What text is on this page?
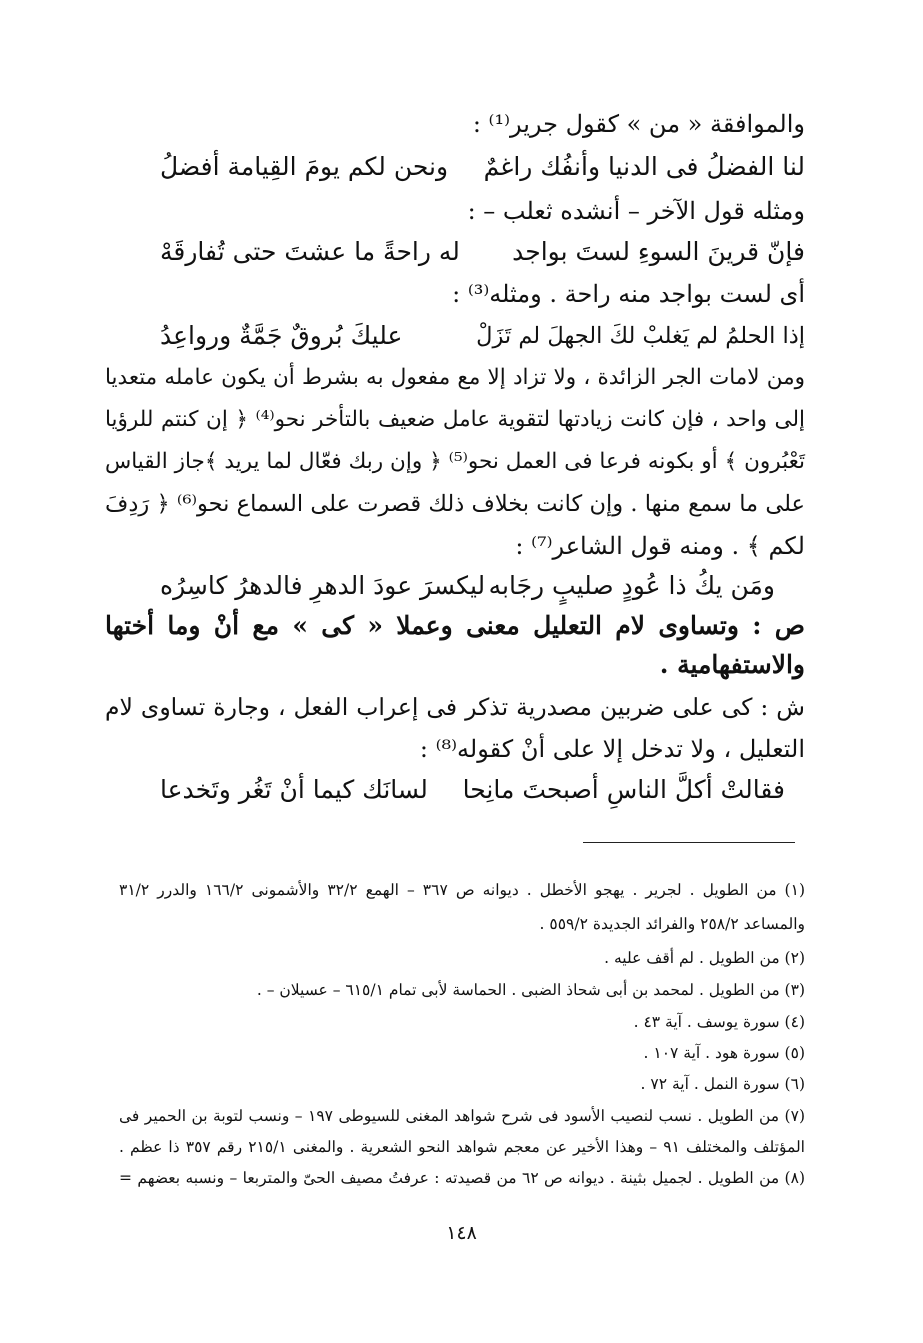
والموافقة « من » كقول جرير⁽¹⁾ :
لنا الفضلُ فى الدنيا وأنفُك راغمٌ
ونحن لكم يومَ القِيامة أفضلُ
ومثله قول الآخر – أنشده ثعلب – :
فإنّ قرينَ السوءِ لستَ بواجد
له راحةً ما عشتَ حتى تُفارقَهْ
أى لست بواجد منه راحة . ومثله⁽³⁾ :
إذا الحلمُ لم يَغلبْ لكَ الجهلَ لم تَزَلْ
عليكَ بُروقٌ جَمَّةٌ ورواعِدُ
ومن لامات الجر الزائدة ، ولا تزاد إلا مع مفعول به بشرط أن يكون عامله متعديا
إلى واحد ، فإن كانت زيادتها لتقوية عامل ضعيف بالتأخر نحو⁽⁴⁾ ﴿ إن كنتم للرؤيا
تَعْبُرون ﴾ أو بكونه فرعا فى العمل نحو⁽⁵⁾ ﴿ وإن ربك فعّال لما يريد ﴾جاز القياس
على ما سمع منها . وإن كانت بخلاف ذلك قصرت على السماع نحو⁽⁶⁾ ﴿ رَدِفَ
لكم ﴾ . ومنه قول الشاعر⁽⁷⁾ :
ومَن يكُ ذا عُودٍ صليبٍ رجَابه
ليكسرَ عودَ الدهرِ فالدهرُ كاسِرُه
ص : وتساوى لام التعليل معنى وعملا « كى » مع أنْ وما أختها
والاستفهامية .
ش : كى على ضربين مصدرية تذكر فى إعراب الفعل ، وجارة تساوى لام
التعليل ، ولا تدخل إلا على أنْ كقوله⁽⁸⁾ :
فقالتْ أكلَّ الناسِ أصبحتَ مانِحا
لسانَك كيما أنْ تَغُر وتَخدعا
(١) من الطويل . لجرير . يهجو الأخطل . ديوانه ص ٣٦٧ – الهمع ٣٢/٢ والأشمونى ١٦٦/٢ والدرر ٣١/٢
والمساعد ٢٥٨/٢ والفرائد الجديدة ٥٥٩/٢ .
(٢) من الطويل . لم أقف عليه .
(٣) من الطويل . لمحمد بن أبى شحاذ الضبى . الحماسة لأبى تمام ٦١٥/١ – عسيلان – .
(٤) سورة يوسف . آية ٤٣ .
(٥) سورة هود . آية ١٠٧ .
(٦) سورة النمل . آية ٧٢ .
(٧) من الطويل . نسب لنصيب الأسود فى شرح شواهد المغنى للسيوطى ١٩٧ – ونسب لتوبة بن الحمير فى
المؤتلف والمختلف ٩١ – وهذا الأخير عن معجم شواهد النحو الشعرية . والمغنى ٢١٥/١ رقم ٣٥٧ ذا عظم .
(٨) من الطويل . لجميل بثينة . ديوانه ص ٦٢ من قصيدته : عرفتُ مصيف الحىّ والمتربعا – ونسبه بعضهم =
١٤٨
